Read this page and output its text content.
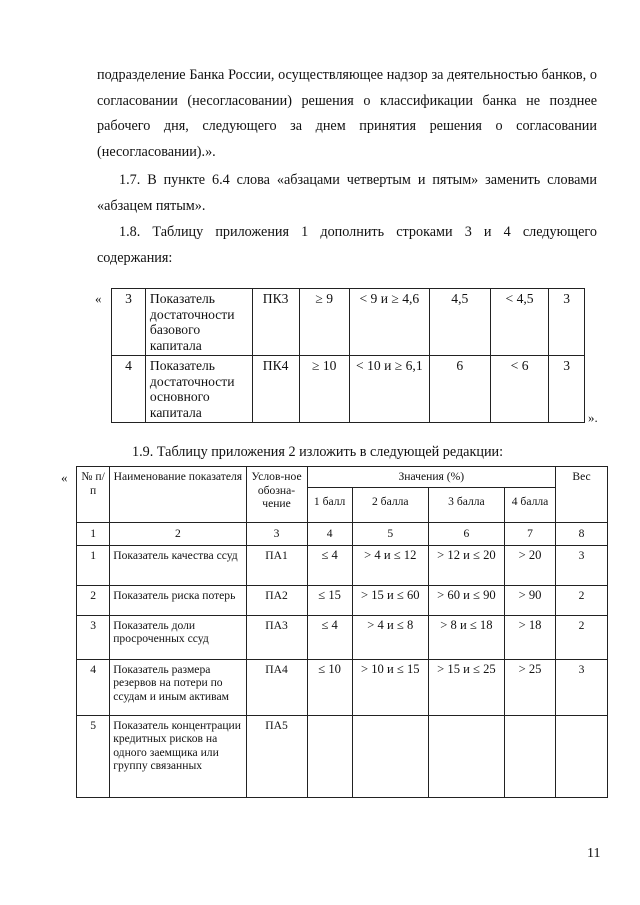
подразделение Банка России, осуществляющее надзор за деятельностью банков, о согласовании (несогласовании) решения о классификации банка не позднее рабочего дня, следующего за днем принятия решения о согласовании (несогласовании).».

1.7. В пункте 6.4 слова «абзацами четвертым и пятым» заменить словами «абзацем пятым».

1.8. Таблицу приложения 1 дополнить строками 3 и 4 следующего содержания:

« 3	Показатель достаточности базового капитала	ПК3	≥ 9	< 9 и ≥ 4,6	4,5	< 4,5	3
4	Показатель достаточности основного капитала	ПК4	≥ 10	< 10 и ≥ 6,1	6	< 6	3
».

1.9. Таблицу приложения 2 изложить в следующей редакции:

« № п/п	Наименование показателя	Услов-ное обозна-чение	Значения (%)				Вес
			1 балл	2 балла	3 балла	4 балла	
1	2	3	4	5	6	7	8
1	Показатель качества ссуд	ПА1	≤ 4	> 4 и ≤ 12	> 12 и ≤ 20	> 20	3
2	Показатель риска потерь	ПА2	≤ 15	> 15 и ≤ 60	> 60 и ≤ 90	> 90	2
3	Показатель доли просроченных ссуд	ПА3	≤ 4	> 4 и ≤ 8	> 8 и ≤ 18	> 18	2
4	Показатель размера резервов на потери по ссудам и иным активам	ПА4	≤ 10	> 10 и ≤ 15	> 15 и ≤ 25	> 25	3
5	Показатель концентрации кредитных рисков на одного заемщика или группу связанных	ПА5					
11
